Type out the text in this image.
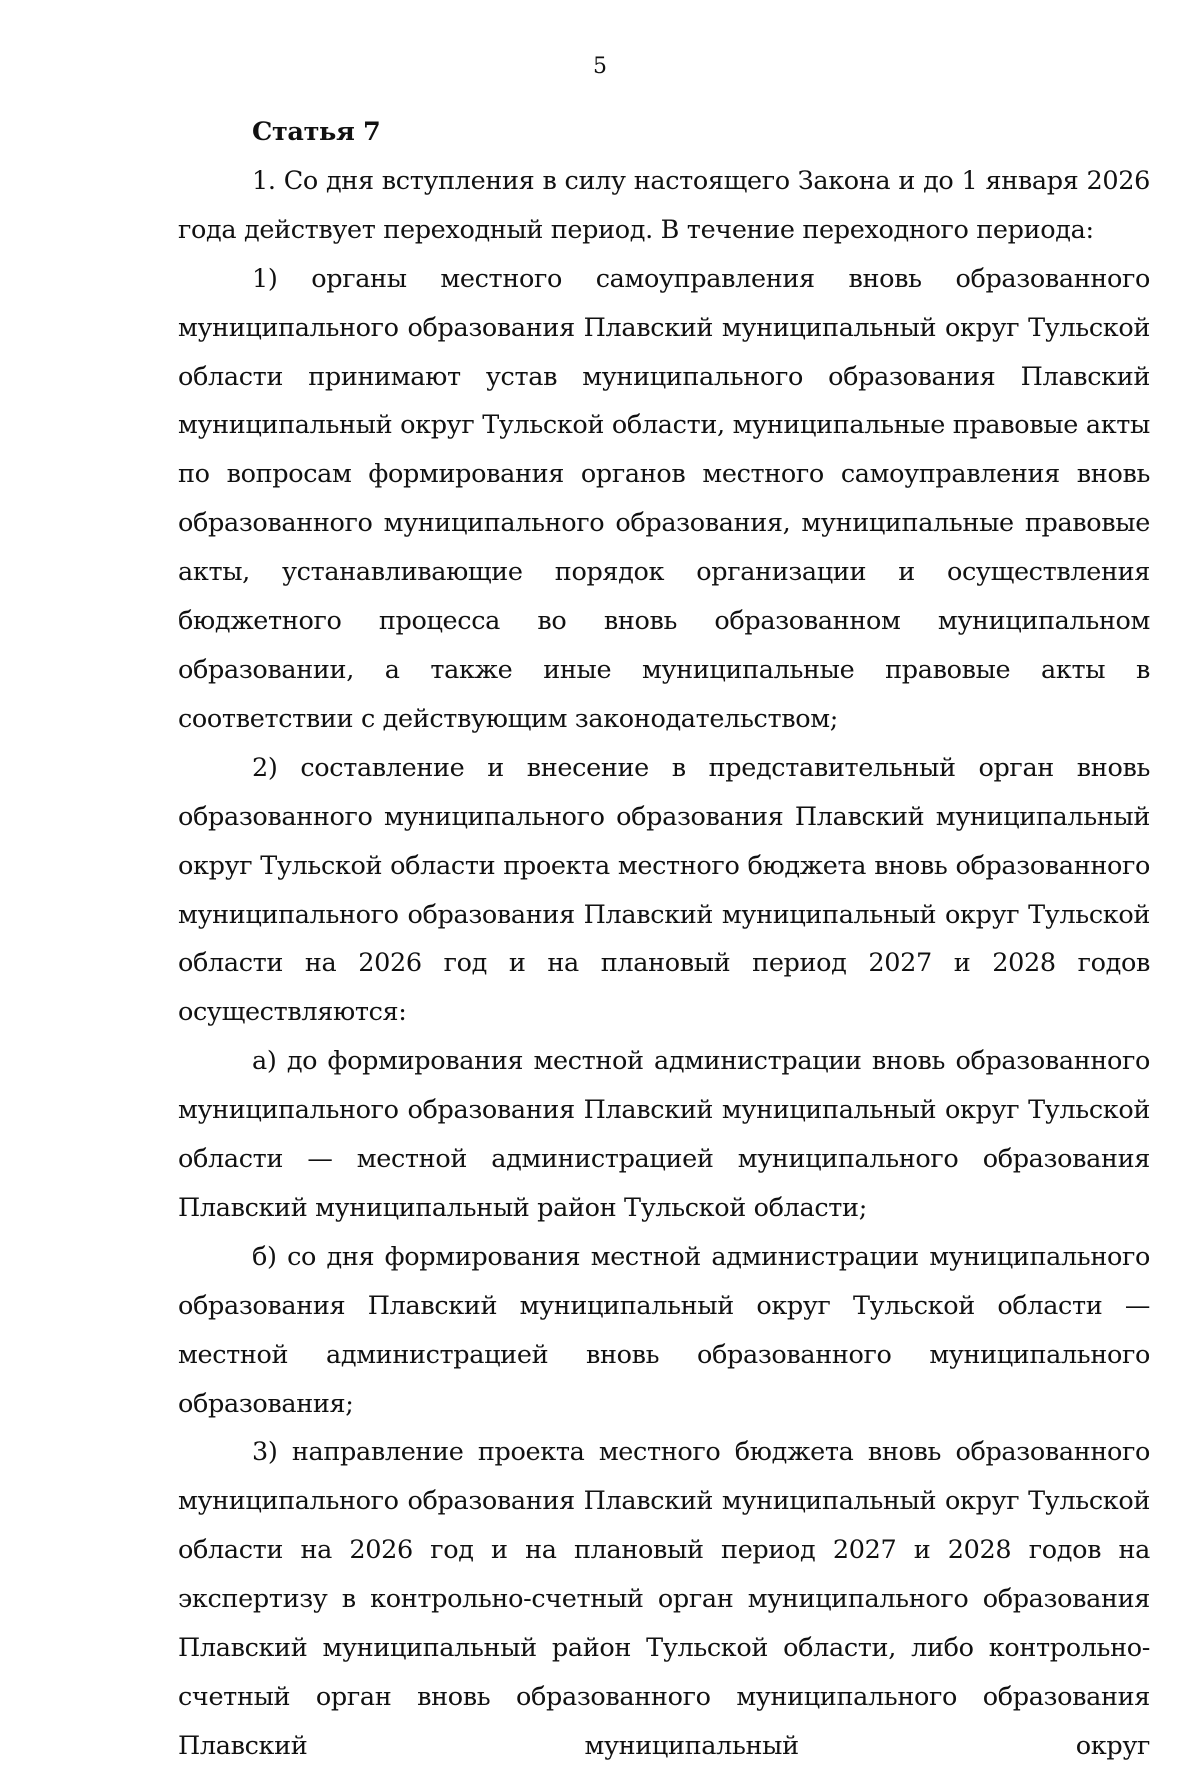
5

Статья 7

1. Со дня вступления в силу настоящего Закона и до 1 января 2026 года действует переходный период. В течение переходного периода:

1) органы местного самоуправления вновь образованного муниципального образования Плавский муниципальный округ Тульской области принимают устав муниципального образования Плавский муниципальный округ Тульской области, муниципальные правовые акты по вопросам формирования органов местного самоуправления вновь образованного муниципального образования, муниципальные правовые акты, устанавливающие порядок организации и осуществления бюджетного процесса во вновь образованном муниципальном образовании, а также иные муниципальные правовые акты в соответствии с действующим законодательством;

2) составление и внесение в представительный орган вновь образованного муниципального образования Плавский муниципальный округ Тульской области проекта местного бюджета вновь образованного муниципального образования Плавский муниципальный округ Тульской области на 2026 год и на плановый период 2027 и 2028 годов осуществляются:

а) до формирования местной администрации вновь образованного муниципального образования Плавский муниципальный округ Тульской области — местной администрацией муниципального образования Плавский муниципальный район Тульской области;

б) со дня формирования местной администрации муниципального образования Плавский муниципальный округ Тульской области — местной администрацией вновь образованного муниципального образования;

3) направление проекта местного бюджета вновь образованного муниципального образования Плавский муниципальный округ Тульской области на 2026 год и на плановый период 2027 и 2028 годов на экспертизу в контрольно-счетный орган муниципального образования Плавский муниципальный район Тульской области, либо контрольно-счетный орган вновь образованного муниципального образования Плавский муниципальный округ
